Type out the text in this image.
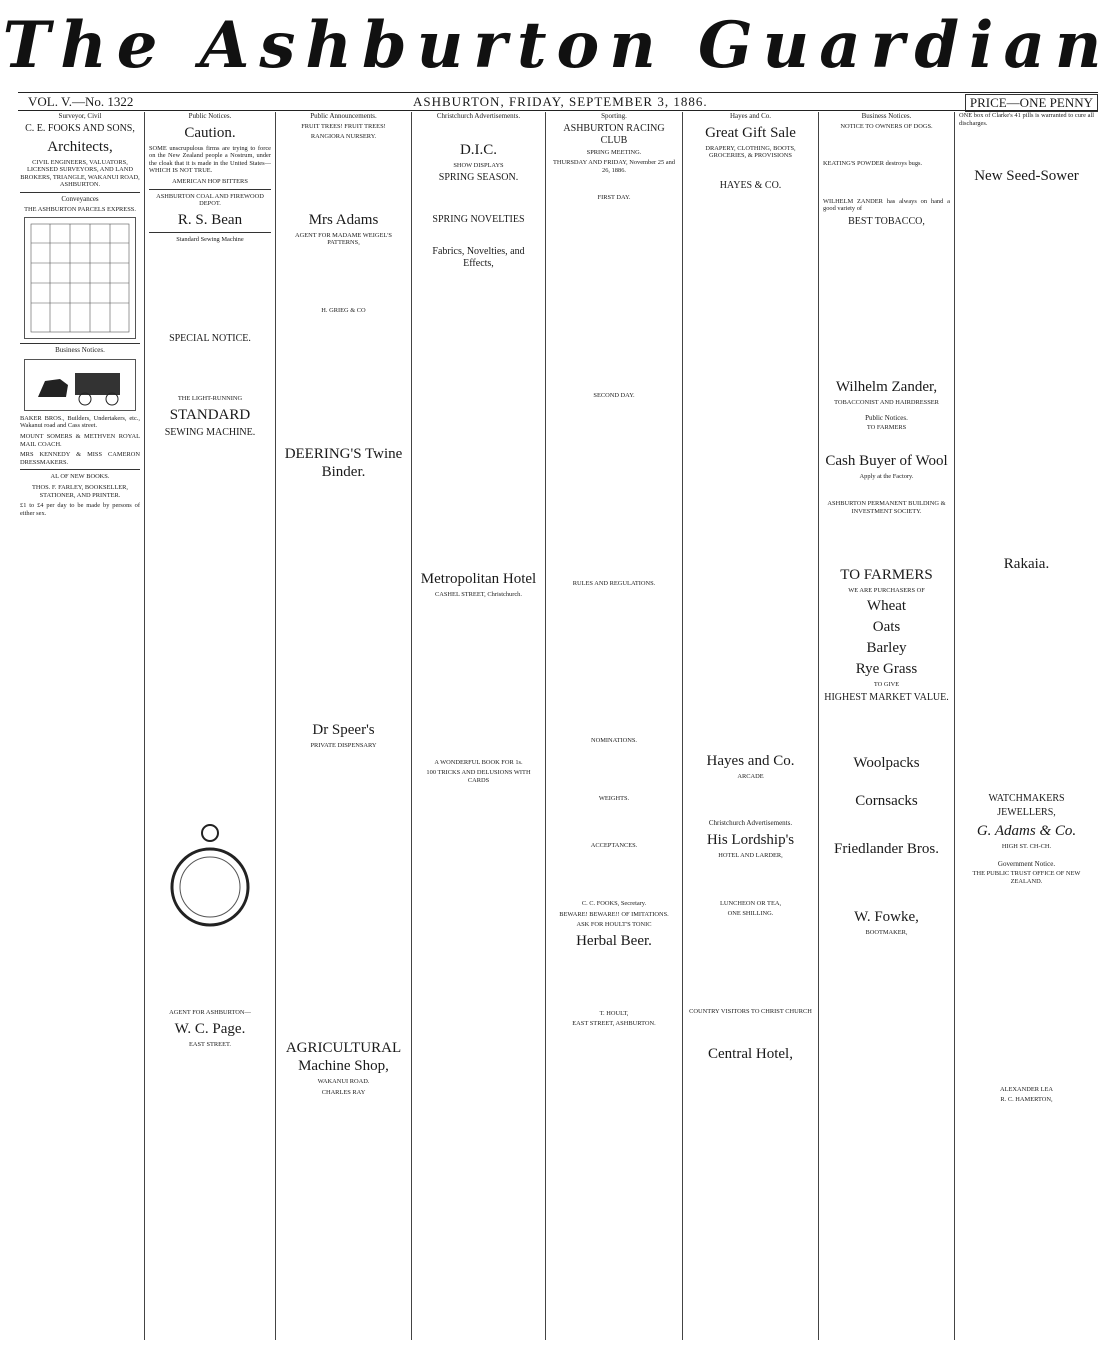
The Ashburton Guardian
VOL. V.—No. 1322	ASHBURTON, FRIDAY, SEPTEMBER 3, 1886.	PRICE—ONE PENNY
Surveyor, Civil
C. E. FOOKS AND SONS,
Architects,

CIVIL ENGINEERS, VALUATORS, LICENSED SURVEYORS, AND LAND BROKERS, TRIANGLE, WAKANUI ROAD, ASHBURTON.

Conveyances

THE ASHBURTON PARCELS EXPRESS.

Business Notices.

BAKER BROS., Builders, Undertakers, etc., Wakanui road and Cass street.

MOUNT SOMERS & METHVEN ROYAL MAIL COACH.

MRS KENNEDY & MISS CAMERON DRESSMAKERS.

AL OF NEW BOOKS.

THOS. F. FARLEY, BOOKSELLER, STATIONER, AND PRINTER.

£1 to £4 per day to be made by persons of either sex.

Public Notices.
Caution.

SOME unscrupulous firms are trying to force on the New Zealand people a Nostrum, under the cloak that it is made in the United States—WHICH IS NOT TRUE.

AMERICAN HOP BITTERS

ASHBURTON COAL AND FIREWOOD DEPOT.

R. S. Bean

Standard Sewing Machine

SPECIAL NOTICE.

THE LIGHT-RUNNING

STANDARD
SEWING MACHINE.

AGENT FOR ASHBURTON—

W. C. Page.

EAST STREET.

Public Announcements.

FRUIT TREES! FRUIT TREES!

RANGIORA NURSERY.

Mrs Adams

AGENT FOR MADAME WEIGEL'S PATTERNS,

H. GRIEG & CO

DEERING'S Twine Binder.
Dr Speer's

PRIVATE DISPENSARY

AGRICULTURAL Machine Shop,

WAKANUI ROAD.

CHARLES RAY

Christchurch Advertisements.
D.I.C.

SHOW DISPLAYS

SPRING SEASON.
SPRING NOVELTIES
Fabrics, Novelties, and Effects,
Metropolitan Hotel

CASHEL STREET, Christchurch.

A WONDERFUL BOOK FOR 1s.

100 TRICKS AND DELUSIONS WITH CARDS

Sporting.
ASHBURTON RACING CLUB

SPRING MEETING.

THURSDAY AND FRIDAY, November 25 and 26, 1886.

FIRST DAY.

SECOND DAY.

RULES AND REGULATIONS.

NOMINATIONS.

WEIGHTS.

ACCEPTANCES.

C. C. FOOKS, Secretary.

BEWARE! BEWARE!! OF IMITATIONS.

ASK FOR HOULT'S TONIC

Herbal Beer.

T. HOULT,

EAST STREET, ASHBURTON.

Hayes and Co.
Great Gift Sale

DRAPERY, CLOTHING, BOOTS, GROCERIES, & PROVISIONS

HAYES & CO.
Hayes and Co.

ARCADE

Christchurch Advertisements.
His Lordship's

HOTEL AND LARDER,

LUNCHEON OR TEA,

ONE SHILLING.

COUNTRY VISITORS TO CHRIST CHURCH

Central Hotel,
Business Notices.

NOTICE TO OWNERS OF DOGS.

KEATING'S POWDER destroys bugs.

WILHELM ZANDER has always on hand a good variety of

BEST TOBACCO,
Wilhelm Zander,

TOBACCONIST AND HAIRDRESSER

Public Notices.

TO FARMERS

Cash Buyer of Wool

Apply at the Factory.

ASHBURTON PERMANENT BUILDING & INVESTMENT SOCIETY.

TO FARMERS

WE ARE PURCHASERS OF

Wheat
Oats
Barley
Rye Grass

TO GIVE

HIGHEST MARKET VALUE.
Woolpacks
Cornsacks
Friedlander Bros.
W. Fowke,

BOOTMAKER,

ONE box of Clarke's 41 pills is warranted to cure all discharges.

New Seed-Sower
Rakaia.
WATCHMAKERS
JEWELLERS,
G. Adams & Co.

HIGH ST. CH-CH.

Government Notice.

THE PUBLIC TRUST OFFICE OF NEW ZEALAND.

ALEXANDER LEA

R. C. HAMERTON,
